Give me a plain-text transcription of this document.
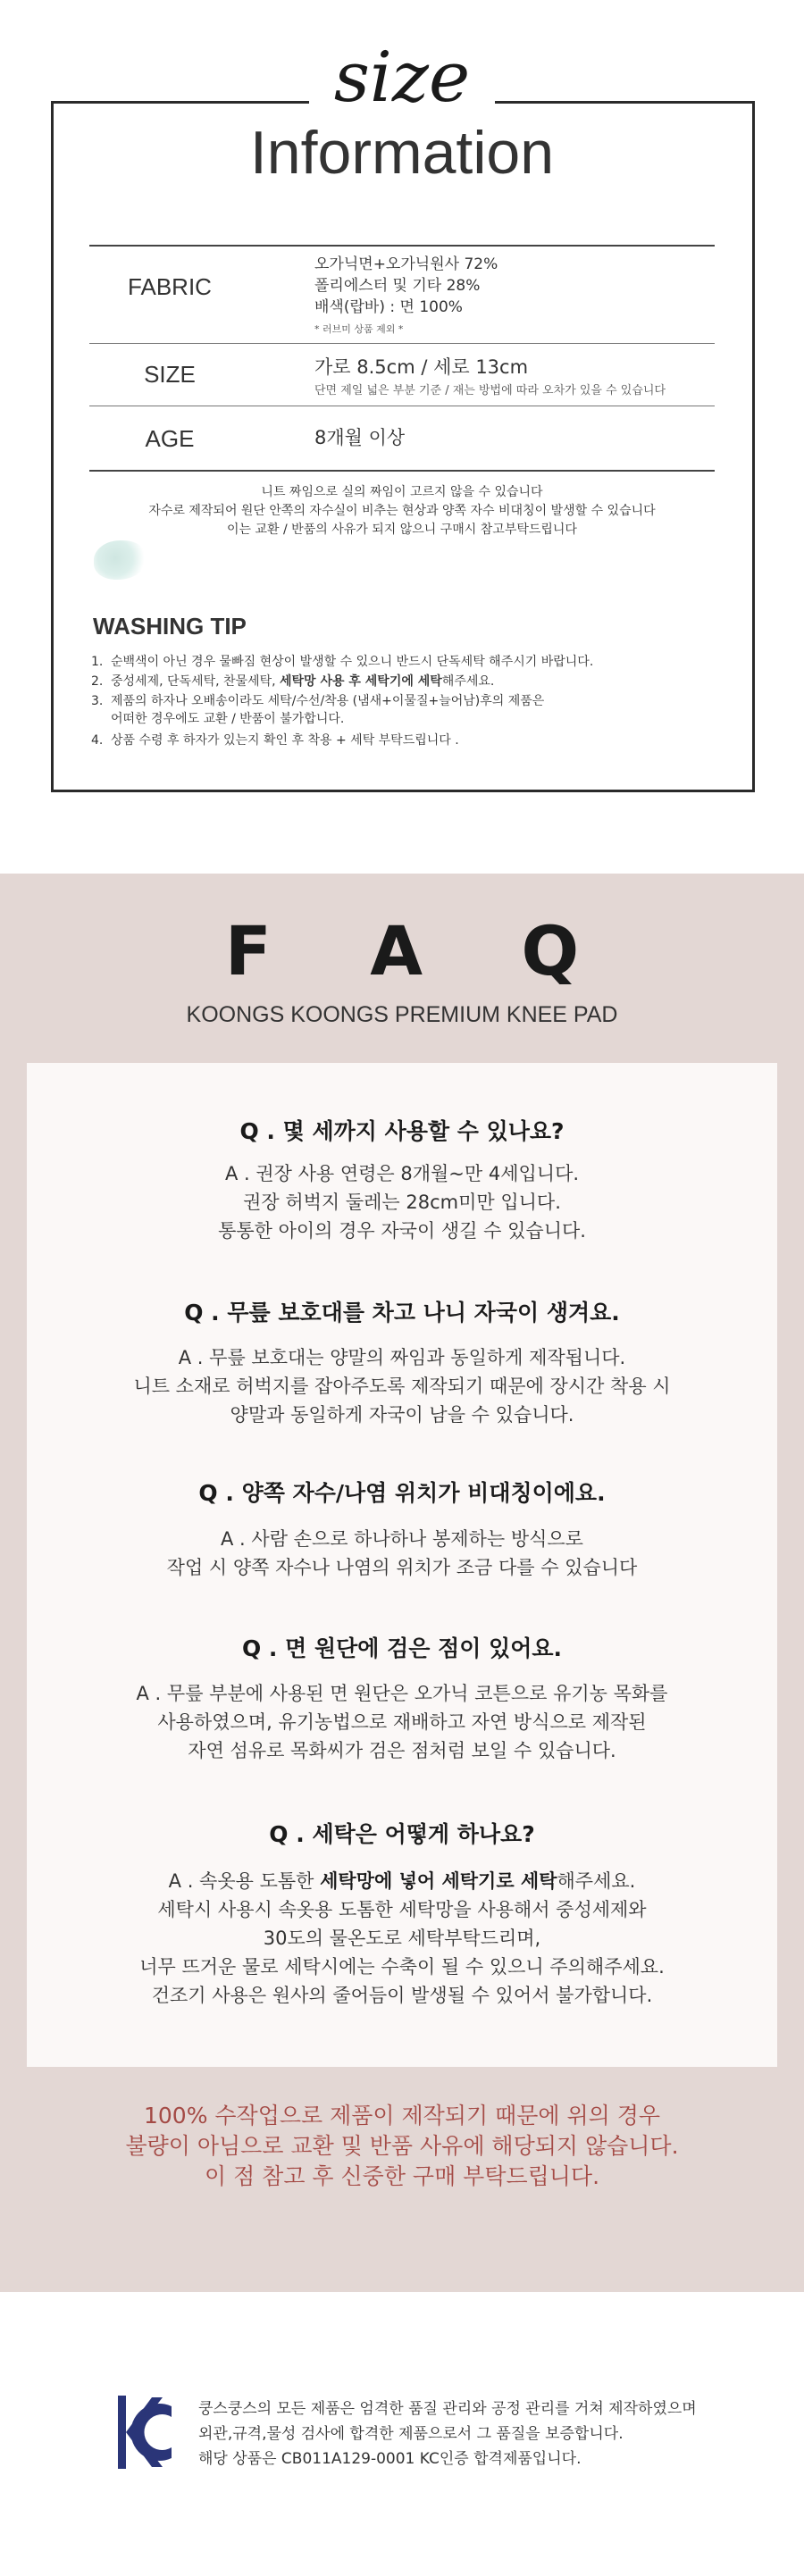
size
Information
FABRIC
오가닉면+오가닉원사 72%
폴리에스터 및 기타 28%
배색(랍바) : 면 100%
* 러브미 상품 제외 *
SIZE	가로 8.5cm / 세로 13cm
단면 제일 넓은 부분 기준 / 재는 방법에 따라 오차가 있을 수 있습니다
AGE	8개월 이상
니트 짜임으로 실의 짜임이 고르지 않을 수 있습니다
자수로 제작되어 원단 안쪽의 자수실이 비추는 현상과 양쪽 자수 비대칭이 발생할 수 있습니다
이는 교환 / 반품의 사유가 되지 않으니 구매시 참고부탁드립니다
WASHING TIP
1. 순백색이 아닌 경우 물빠짐 현상이 발생할 수 있으니 반드시 단독세탁 해주시기 바랍니다.
2. 중성세제, 단독세탁, 찬물세탁, 세탁망 사용 후 세탁기에 세탁해주세요.
3. 제품의 하자나 오배송이라도 세탁/수선/착용 (냄새+이물질+늘어남)후의 제품은
어떠한 경우에도 교환 / 반품이 불가합니다.
4. 상품 수령 후 하자가 있는지 확인 후 착용 + 세탁 부탁드립니다 .
F A Q
KOONGS KOONGS PREMIUM KNEE PAD
Q . 몇 세까지 사용할 수 있나요?
A . 권장 사용 연령은 8개월~만 4세입니다.
권장 허벅지 둘레는 28cm미만 입니다.
통통한 아이의 경우 자국이 생길 수 있습니다.
Q . 무릎 보호대를 차고 나니 자국이 생겨요.
A . 무릎 보호대는 양말의 짜임과 동일하게 제작됩니다.
니트 소재로 허벅지를 잡아주도록 제작되기 때문에 장시간 착용 시
양말과 동일하게 자국이 남을 수 있습니다.
Q . 양쪽 자수/나염 위치가 비대칭이에요.
A . 사람 손으로 하나하나 봉제하는 방식으로
작업 시 양쪽 자수나 나염의 위치가 조금 다를 수 있습니다
Q . 면 원단에 검은 점이 있어요.
A . 무릎 부분에 사용된 면 원단은 오가닉 코튼으로 유기농 목화를
사용하였으며, 유기농법으로 재배하고 자연 방식으로 제작된
자연 섬유로 목화씨가 검은 점처럼 보일 수 있습니다.
Q . 세탁은 어떻게 하나요?
A . 속옷용 도톰한 세탁망에 넣어 세탁기로 세탁해주세요.
세탁시 사용시 속옷용 도톰한 세탁망을 사용해서 중성세제와
30도의 물온도로 세탁부탁드리며,
너무 뜨거운 물로 세탁시에는 수축이 될 수 있으니 주의해주세요.
건조기 사용은 원사의 줄어듬이 발생될 수 있어서 불가합니다.
100% 수작업으로 제품이 제작되기 때문에 위의 경우
불량이 아님으로 교환 및 반품 사유에 해당되지 않습니다.
이 점 참고 후 신중한 구매 부탁드립니다.
쿵스쿵스의 모든 제품은 엄격한 품질 관리와 공정 관리를 거쳐 제작하였으며
외관,규격,물성 검사에 합격한 제품으로서 그 품질을 보증합니다.
해당 상품은 CB011A129-0001 KC인증 합격제품입니다.
